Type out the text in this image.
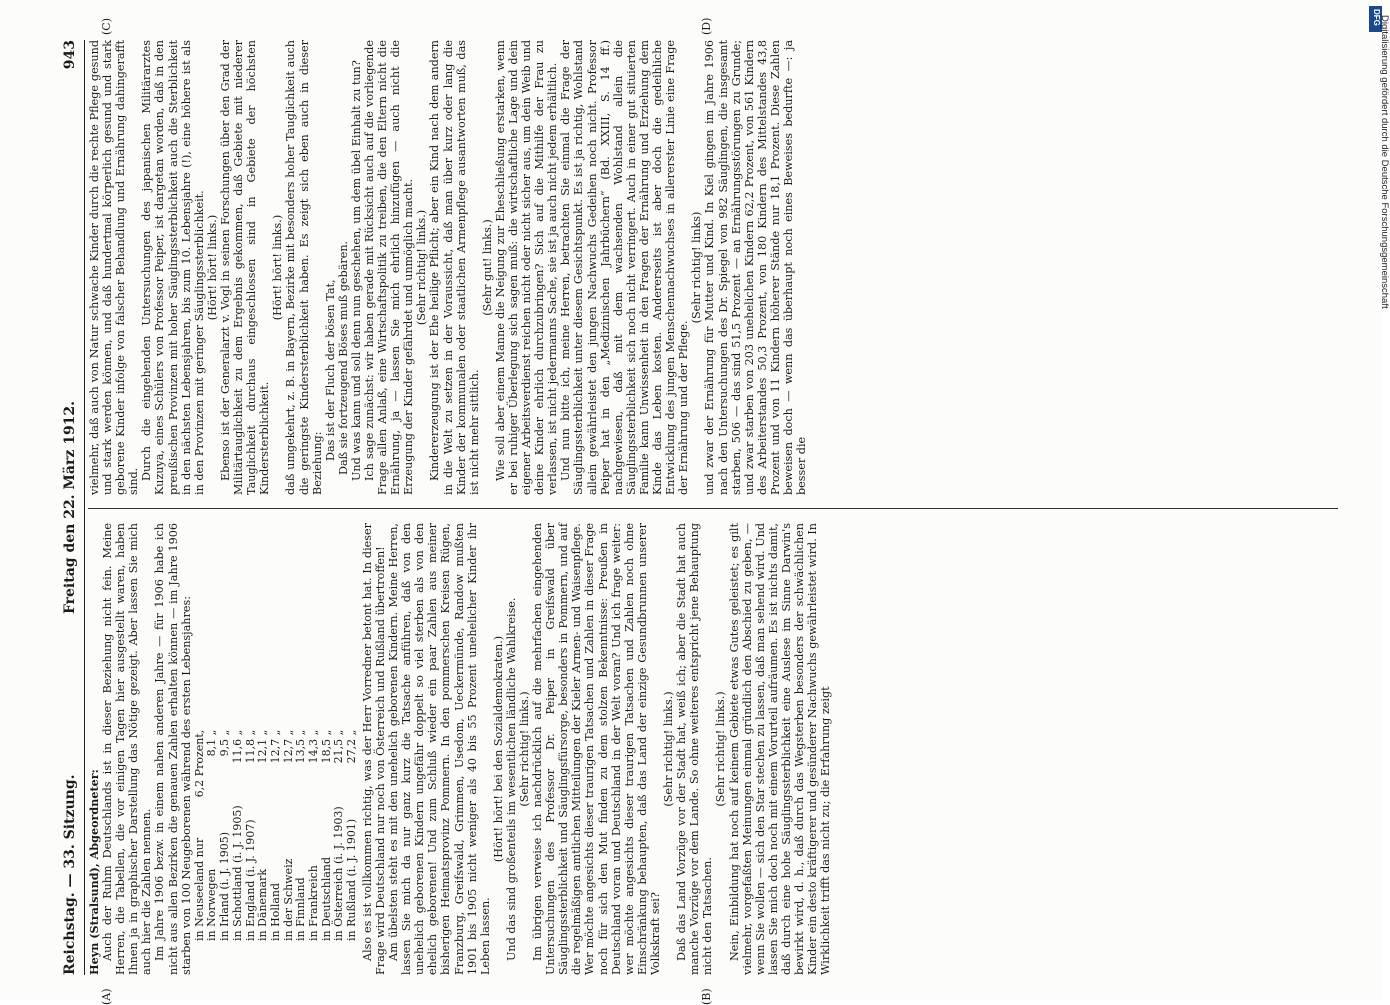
Reichstag. — 33. Sitzung.
Freitag den 22. März 1912.
943

Heyn (Stralsund), Abgeordneter: Auch der Ruhm Deutschlands ist in dieser Beziehung nicht fein. Meine Herren, die Tabellen, die vor einigen Tagen hier ausgestellt waren, haben Ihnen ja in graphischer Darstellung das Nötige gezeigt. Aber lassen Sie mich auch hier die Zahlen nennen. Im Jahre 1906 bezw. in einem nahen anderen Jahre — für 1906 habe ich nicht aus allen Bezirken die genauen Zahlen erhalten können — im Jahre 1906 starben von 100 Neugeborenen während des ersten Lebensjahres: in Neuseeland nur	6,2 Prozent,
in Norwegen	8,1 „
in Irland (i. J. 1905)	9,5 „
in Schottland (i. J. 1905)	11,6 „
in England (i. J. 1907)	11,8 „
in Dänemark	12,1 „
in Holland	12,7 „
in der Schweiz	12,7 „
in Finnland	13,5 „
in Frankreich	14,3 „
in Deutschland	18,5 „
in Österreich (i. J. 1903)	21,5 „
in Rußland (i. J. 1901)	27,2 „ Also es ist vollkommen richtig, was der Herr Vorredner betont hat. In dieser Frage wird Deutschland nur noch von Österreich und Rußland übertroffen! Am übelsten steht es mit den unehelich geborenen Kindern. Meine Herren, lassen Sie mich da nur ganz kurz die Tatsache anführen, daß von den unehelich geborenen Kindern ungefähr doppelt so viel sterben als von den ehelich geborenen! Und zum Schluß wieder ein paar Zahlen aus meiner bisherigen Heimatsprovinz Pommern. In den pommerschen Kreisen Rügen, Franzburg, Greifswald, Grimmen, Usedom, Ueckermünde, Randow mußten 1901 bis 1905 nicht weniger als 40 bis 55 Prozent unehelicher Kinder ihr Leben lassen.

(Hört! hört! bei den Sozialdemokraten.) Und das sind großenteils im wesentlichen ländliche Wahlkreise. (Sehr richtig! links.) Im übrigen verweise ich nachdrücklich auf die mehrfachen eingehenden Untersuchungen des Professor Dr. Peiper in Greifswald über Säuglingssterblichkeit und Säuglingsfürsorge, besonders in Pommern, und auf die regelmäßigen amtlichen Mitteilungen der Kieler Armen- und Waisenpflege. Wer möchte angesichts dieser traurigen Tatsachen und Zahlen in dieser Frage noch für sich den Mut finden zu dem stolzen Bekenntnisse: Preußen in Deutschland voran und Deutschland in der Welt voran? Und ich frage weiter: wer möchte angesichts dieser traurigen Tatsachen und Zahlen noch ohne Einschränkung behaupten, daß das Land der einzige Gesundbrunnen unserer Volkskraft sei?

(Sehr richtig! links.) Daß das Land Vorzüge vor der Stadt hat, weiß ich; aber die Stadt hat auch manche Vorzüge vor dem Lande. So ohne weiteres entspricht jene Behauptung nicht den Tatsachen.

(Sehr richtig! links.) Nein, Einbildung hat noch auf keinem Gebiete etwas Gutes geleistet; es gilt vielmehr, vorgefaßten Meinungen einmal gründlich den Abschied zu geben, — wenn Sie wollen — sich den Star stechen zu lassen, daß man sehend wird. Und lassen Sie mich doch noch mit einem Vorurteil aufräumen. Es ist nichts damit, daß durch eine hohe Säuglingssterblichkeit eine Auslese im Sinne Darwin's bewirkt wird, d. h., daß durch das Wegsterben besonders der schwächlichen Kinder ein desto kräftigerer und gesünderer Nachwuchs gewährleistet wird. In Wirklichkeit trifft das nicht zu; die Erfahrung zeigt

vielmehr, daß auch von Natur schwache Kinder durch die rechte Pflege gesund und stark werden können, und daß hundertmal körperlich gesund und stark geborene Kinder infolge von falscher Behandlung und Ernährung dahingerafft sind.

Durch die eingehenden Untersuchungen des japanischen Militärarztes Kuzuya, eines Schülers von Professor Peiper, ist dargetan worden, daß in den preußischen Provinzen mit hoher Säuglingssterblichkeit auch die Sterblichkeit in den nächsten Lebensjahren, bis zum 10. Lebensjahre (!), eine höhere ist als in den Provinzen mit geringer Säuglingssterblichkeit. (Hört! hört! links.) Ebenso ist der Generalarzt v. Vogl in seinen Forschungen über den Grad der Militärtauglichkeit zu dem Ergebnis gekommen, daß Gebiete mit niederer Tauglichkeit durchaus eingeschlossen sind in Gebiete der höchsten Kindersterblichkeit.

(Hört! hört! links.) daß umgekehrt, z. B. in Bayern, Bezirke mit besonders hoher Tauglichkeit auch die geringste Kindersterblichkeit haben. Es zeigt sich eben auch in dieser Beziehung: Das ist der Fluch der bösen Tat,
Daß sie fortzeugend Böses muß gebären. Und was kann und soll denn nun geschehen, um dem übel Einhalt zu tun? Ich sage zunächst: wir haben gerade mit Rücksicht auch auf die vorliegende Frage allen Anlaß, eine Wirtschaftspolitik zu treiben, die den Eltern nicht die Ernährung, ja — lassen Sie mich ehrlich hinzufügen — auch nicht die Erzeugung der Kinder gefährdet und unmöglich macht. (Sehr richtig! links.) Kindererzeugung ist der Ehe heilige Pflicht; aber ein Kind nach dem andern in die Welt zu setzen in der Voraussicht, daß man über kurz oder lang die Kinder der kommunalen oder staatlichen Armenpflege ausantworten muß, das ist nicht mehr sittlich.

(Sehr gut! links.) Wie soll aber einem Manne die Neigung zur Eheschließung erstarken, wenn er bei ruhiger Überlegung sich sagen muß: die wirtschaftliche Lage und dein eigener Arbeitsverdienst reichen nicht oder nicht sicher aus, um dein Weib und deine Kinder ehrlich durchzubringen? Sich auf die Mithilfe der Frau zu verlassen, ist nicht jedermanns Sache, sie ist ja auch nicht jedem erhältlich. Und nun bitte ich, meine Herren, betrachten Sie einmal die Frage der Säuglingssterblichkeit unter diesem Gesichtspunkt. Es ist ja richtig, Wohlstand allein gewährleistet den jungen Nachwuchs Gedeihen noch nicht. Professor Peiper hat in den „Medizinischen Jahrbüchern“ (Bd. XXIII, S. 14 ff.) nachgewiesen, daß mit dem wachsenden Wohlstand allein die Säuglingssterblichkeit sich noch nicht verringert. Auch in einer gut situierten Familie kann Unwissenheit in den Fragen der Ernährung und Erziehung dem Kinde das Leben kosten. Andererseits ist aber doch die gedeihliche Entwicklung des jungen Menschennachwuchses in allererster Linie eine Frage der Ernährung und der Pflege.

(Sehr richtig! links) und zwar der Ernährung für Mutter und Kind. In Kiel gingen im Jahre 1906 nach den Untersuchungen des Dr. Spiegel von 982 Säuglingen, die insgesamt starben, 506 — das sind 51,5 Prozent — an Ernährungsstörungen zu Grunde; und zwar starben von 203 unehelichen Kindern 62,2 Prozent, von 561 Kindern des Arbeiterstandes 50,3 Prozent, von 180 Kindern des Mittelstandes 43,8 Prozent und von 11 Kindern höherer Stände nur 18,1 Prozent. Diese Zahlen beweisen doch — wenn das überhaupt noch eines Beweises bedurfte —: ja besser die

(A)	(B)
(C)	(D)
DFG
Digitalisierung gefördert durch die Deutsche Forschungsgemeinschaft
